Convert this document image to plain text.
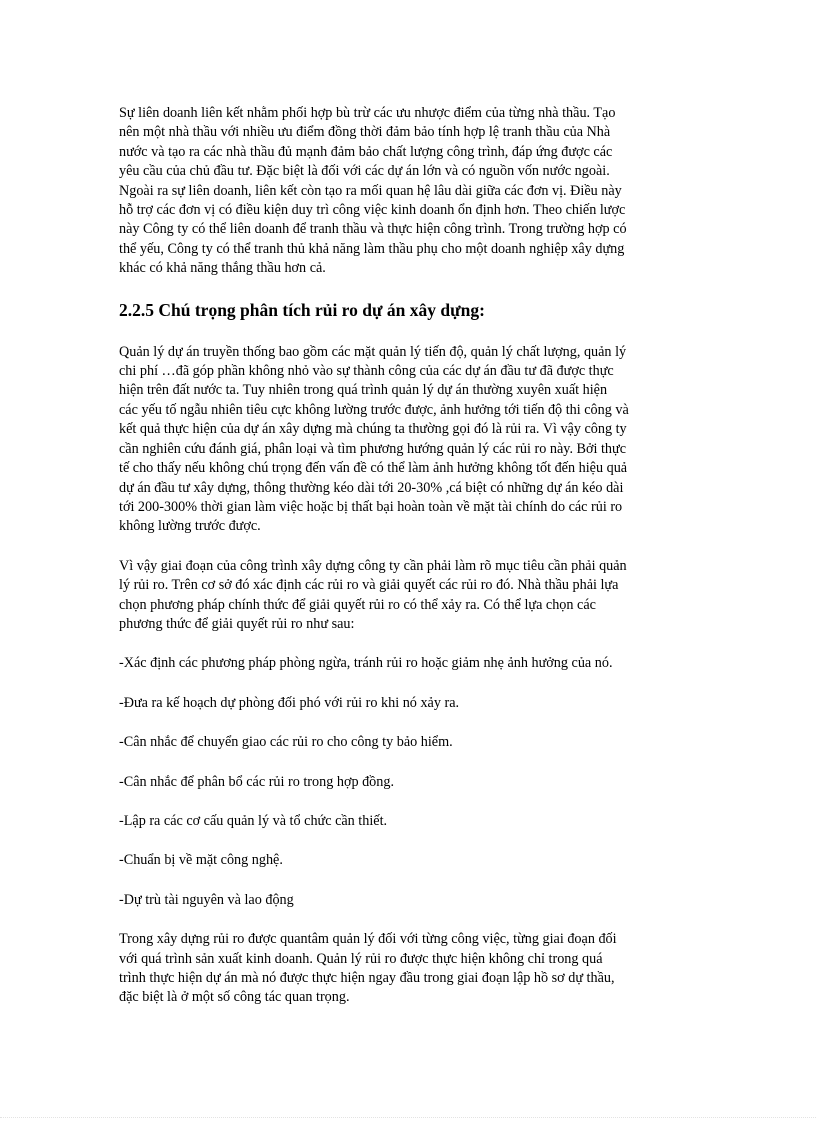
Sự liên doanh liên kết nhằm phối hợp bù trừ các ưu nhược điểm của từng nhà thầu. Tạo
nên một nhà thầu với nhiều ưu điểm đồng thời đảm bảo tính hợp lệ tranh thầu của Nhà
nước và tạo ra các nhà thầu đủ mạnh đảm bảo chất lượng công trình, đáp ứng được các
yêu cầu của chủ đầu tư. Đặc biệt là đối với các dự án lớn và có nguồn vốn nước ngoài.
Ngoài ra sự liên doanh, liên kết còn tạo ra mối quan hệ lâu dài giữa các đơn vị. Điều này
hỗ trợ các đơn vị có điều kiện duy trì công việc kinh doanh ổn định hơn. Theo chiến lược
này Công ty có thể liên doanh để tranh thầu và thực hiện công trình. Trong trường hợp có
thể yếu, Công ty có thể tranh thủ khả năng làm thầu phụ cho một doanh nghiệp xây dựng
khác có khả năng thắng thầu hơn cả.

2.2.5 Chú trọng phân tích rủi ro dự án xây dựng:

Quản lý dự án truyền thống bao gồm các mặt quản lý tiến độ, quản lý chất lượng, quản lý
chi phí …đã góp phần không nhỏ vào sự thành công của các dự án đầu tư đã được thực
hiện trên đất nước ta. Tuy nhiên trong quá trình quản lý dự án thường xuyên xuất hiện
các yếu tố ngẫu nhiên tiêu cực không lường trước được, ảnh hưởng tới tiến độ thi công và
kết quả thực hiện của dự án xây dựng mà chúng ta thường gọi đó là rủi ra. Vì vậy công ty
cần nghiên cứu đánh giá, phân loại và tìm phương hướng quản lý các rủi ro này. Bởi thực
tế cho thấy nếu không chú trọng đến vấn đề có thể làm ảnh hưởng không tốt đến hiệu quả
dự án đầu tư xây dựng, thông thường kéo dài tới 20-30% ,cá biệt có những dự án kéo dài
tới 200-300% thời gian làm việc hoặc bị thất bại hoàn toàn về mặt tài chính do các rủi ro
không lường trước được.

Vì vậy giai đoạn của công trình xây dựng công ty cần phải làm rõ mục tiêu cần phải quản
lý rủi ro. Trên cơ sở đó xác định các rủi ro và giải quyết các rủi ro đó. Nhà thầu phải lựa
chọn phương pháp chính thức để giải quyết rủi ro có thể xảy ra. Có thể lựa chọn các
phương thức để giải quyết rủi ro như sau:

-Xác định các phương pháp phòng ngừa, tránh rủi ro hoặc giảm nhẹ ảnh hưởng của nó.

-Đưa ra kế hoạch dự phòng đối phó với rủi ro khi nó xảy ra.

-Cân nhắc để chuyển giao các rủi ro cho công ty bảo hiểm.

-Cân nhắc để phân bổ các rủi ro trong hợp đồng.

-Lập ra các cơ cấu quản lý và tổ chức cần thiết.

-Chuẩn bị về mặt công nghệ.

-Dự trù tài nguyên và lao động

Trong xây dựng rủi ro được quantâm quản lý đối với từng công việc, từng giai đoạn đối
với quá trình sản xuất kinh doanh. Quản lý rủi ro được thực hiện không chỉ trong quá
trình thực hiện dự án mà nó được thực hiện ngay đầu trong giai đoạn lập hồ sơ dự thầu,
đặc biệt là ở một số công tác quan trọng.
